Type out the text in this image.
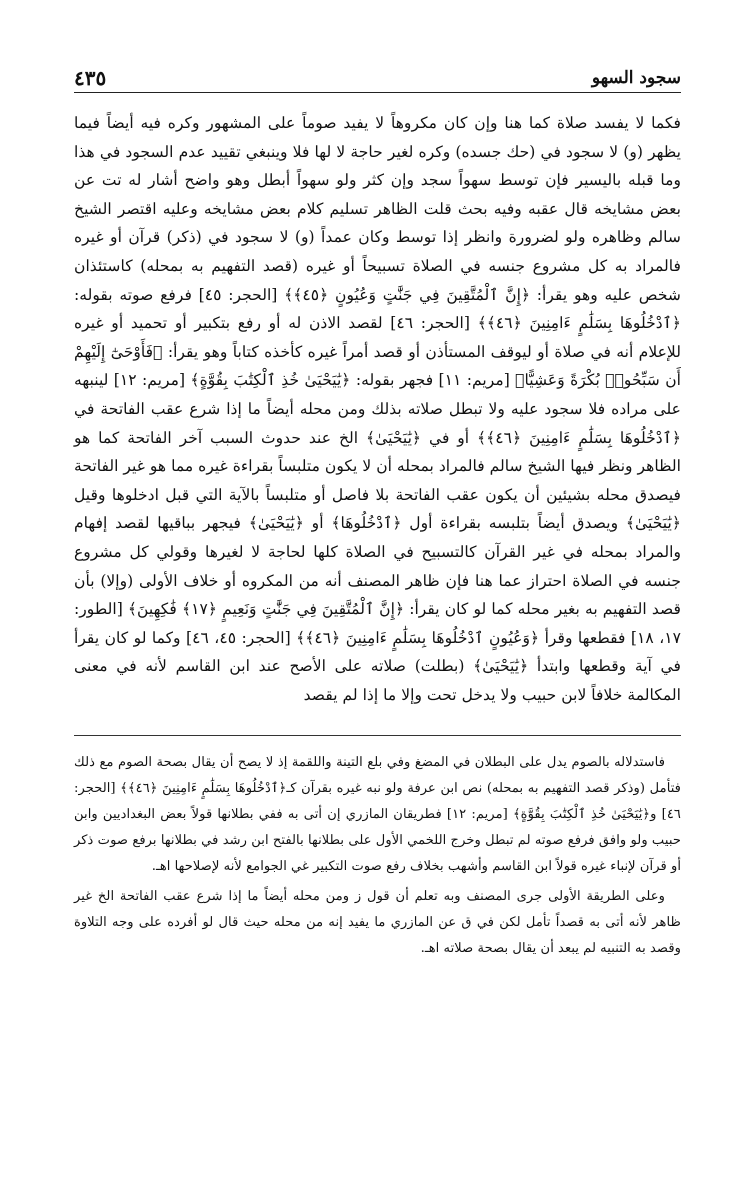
سجود السهو
٤٣٥

فكما لا يفسد صلاة كما هنا وإن كان مكروهاً لا يفيد صوماً على المشهور وكره فيه أيضاً فيما يظهر (و) لا سجود في (حك جسده) وكره لغير حاجة لا لها فلا وينبغي تقييد عدم السجود في هذا وما قبله باليسير فإن توسط سهواً سجد وإن كثر ولو سهواً أبطل وهو واضح أشار له تت عن بعض مشايخه قال عقبه وفيه بحث قلت الظاهر تسليم كلام بعض مشايخه وعليه اقتصر الشيخ سالم وظاهره ولو لضرورة وانظر إذا توسط وكان عمداً (و) لا سجود في (ذكر) قرآن أو غيره فالمراد به كل مشروع جنسه في الصلاة تسبيحاً أو غيره (قصد التفهيم به بمحله) كاستئذان شخص عليه وهو يقرأ: ﴿إِنَّ ٱلْمُتَّقِينَ فِي جَنَّٰتٍ وَعُيُونٍ ﴿٤٥﴾﴾ [الحجر: ٤٥] فرفع صوته بقوله: ﴿ٱدْخُلُوهَا بِسَلَٰمٍ ءَامِنِينَ ﴿٤٦﴾﴾ [الحجر: ٤٦] لقصد الاذن له أو رفع بتكبير أو تحميد أو غيره للإعلام أنه في صلاة أو ليوقف المستأذن أو قصد أمراً غيره كأخذه كتاباً وهو يقرأ: ﴿فَأَوْحَىٰٓ إِلَيْهِمْ أَن سَبِّحُوا۟ بُكْرَةً وَعَشِيًّا﴾ [مريم: ١١] فجهر بقوله: ﴿يَٰيَحْيَىٰ خُذِ ٱلْكِتَٰبَ بِقُوَّةٍ﴾ [مريم: ١٢] لينبهه على مراده فلا سجود عليه ولا تبطل صلاته بذلك ومن محله أيضاً ما إذا شرع عقب الفاتحة في ﴿ٱدْخُلُوهَا بِسَلَٰمٍ ءَامِنِينَ ﴿٤٦﴾﴾ أو في ﴿يَٰيَحْيَىٰ﴾ الخ عند حدوث السبب آخر الفاتحة كما هو الظاهر ونظر فيها الشيخ سالم فالمراد بمحله أن لا يكون متلبساً بقراءة غيره مما هو غير الفاتحة فيصدق محله بشيئين أن يكون عقب الفاتحة بلا فاصل أو متلبساً بالآية التي قبل ادخلوها وقيل ﴿يَٰيَحْيَىٰ﴾ ويصدق أيضاً بتلبسه بقراءة أول ﴿ٱدْخُلُوهَا﴾ أو ﴿يَٰيَحْيَىٰ﴾ فيجهر بباقيها لقصد إفهام والمراد بمحله في غير القرآن كالتسبيح في الصلاة كلها لحاجة لا لغيرها وقولي كل مشروع جنسه في الصلاة احتراز عما هنا فإن ظاهر المصنف أنه من المكروه أو خلاف الأولى (وإلا) بأن قصد التفهيم به بغير محله كما لو كان يقرأ: ﴿إِنَّ ٱلْمُتَّقِينَ فِي جَنَّٰتٍ وَنَعِيمٍ ﴿١٧﴾ فَٰكِهِينَ﴾ [الطور: ١٧، ١٨] فقطعها وقرأ ﴿وَعُيُونٍ ٱدْخُلُوهَا بِسَلَٰمٍ ءَامِنِينَ ﴿٤٦﴾﴾ [الحجر: ٤٥، ٤٦] وكما لو كان يقرأ في آية وقطعها وابتدأ ﴿يَٰيَحْيَىٰ﴾ (بطلت) صلاته على الأصح عند ابن القاسم لأنه في معنى المكالمة خلافاً لابن حبيب ولا يدخل تحت وإلا ما إذا لم يقصد

فاستدلاله بالصوم يدل على البطلان في المضغ وفي بلع التينة واللقمة إذ لا يصح أن يقال بصحة الصوم مع ذلك فتأمل (وذكر قصد التفهيم به بمحله) نص ابن عرفة ولو نبه غيره بقرآن كـ﴿ٱدْخُلُوهَا بِسَلَٰمٍ ءَامِنِينَ ﴿٤٦﴾﴾ [الحجر: ٤٦] و﴿يَٰيَحْيَىٰ خُذِ ٱلْكِتَٰبَ بِقُوَّةٍ﴾ [مريم: ١٢] فطريقان المازري إن أتى به ففي بطلانها قولاً بعض البغداديين وابن حبيب ولو وافق فرفع صوته لم تبطل وخرج اللخمي الأول على بطلانها بالفتح ابن رشد في بطلانها برفع صوت ذكر أو قرآن لإنباء غيره قولاً ابن القاسم وأشهب بخلاف رفع صوت التكبير غي الجوامع لأنه لإصلاحها اهـ.

وعلى الطريقة الأولى جرى المصنف وبه تعلم أن قول ز ومن محله أيضاً ما إذا شرع عقب الفاتحة الخ غير ظاهر لأنه أتى به قصداً تأمل لكن في ق عن المازري ما يفيد إنه من محله حيث قال لو أفرده على وجه التلاوة وقصد به التنبيه لم يبعد أن يقال بصحة صلاته اهـ.
